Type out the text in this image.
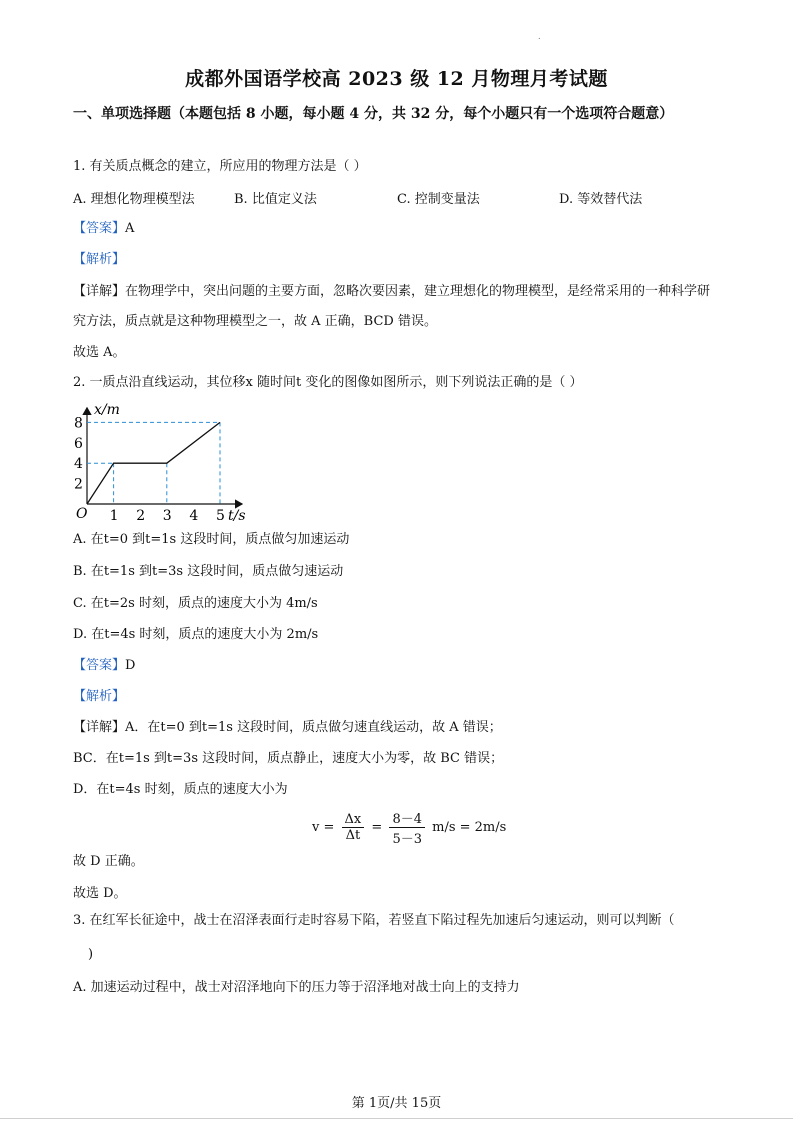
.
成都外国语学校高 2023 级 12 月物理月考试题
一、单项选择题（本题包括 8 小题，每小题 4 分，共 32 分，每个小题只有一个选项符合题意）
1. 有关质点概念的建立，所应用的物理方法是（ ）
A. 理想化物理模型法	B. 比值定义法	C. 控制变量法	D. 等效替代法
【答案】A
【解析】
【详解】在物理学中，突出问题的主要方面，忽略次要因素，建立理想化的物理模型，是经常采用的一种科学研究方法，质点就是这种物理模型之一，故 A 正确，BCD 错误。
故选 A。
2. 一质点沿直线运动，其位移x 随时间t 变化的图像如图所示，则下列说法正确的是（ ）
2
4
6
8
1 2 3 4 5
x/m
t/s
O
A. 在t=0 到t=1s 这段时间，质点做匀加速运动
B. 在t=1s 到t=3s 这段时间，质点做匀速运动
C. 在t=2s 时刻，质点的速度大小为 4m/s
D. 在t=4s 时刻，质点的速度大小为 2m/s
【答案】D
【解析】
【详解】A．在t=0 到t=1s 这段时间，质点做匀速直线运动，故 A 错误；
BC．在t=1s 到t=3s 这段时间，质点静止，速度大小为零，故 BC 错误；
D．在t=4s 时刻，质点的速度大小为
$v = \frac{\Delta x}{\Delta t} = \frac{8-4}{5-3} m/s = 2m/s$
故 D 正确。
故选 D。
3. 在红军长征途中，战士在沼泽表面行走时容易下陷，若竖直下陷过程先加速后匀速运动，则可以判断（
)
A. 加速运动过程中，战士对沼泽地向下的压力等于沼泽地对战士向上的支持力
第 1页/共 15页
